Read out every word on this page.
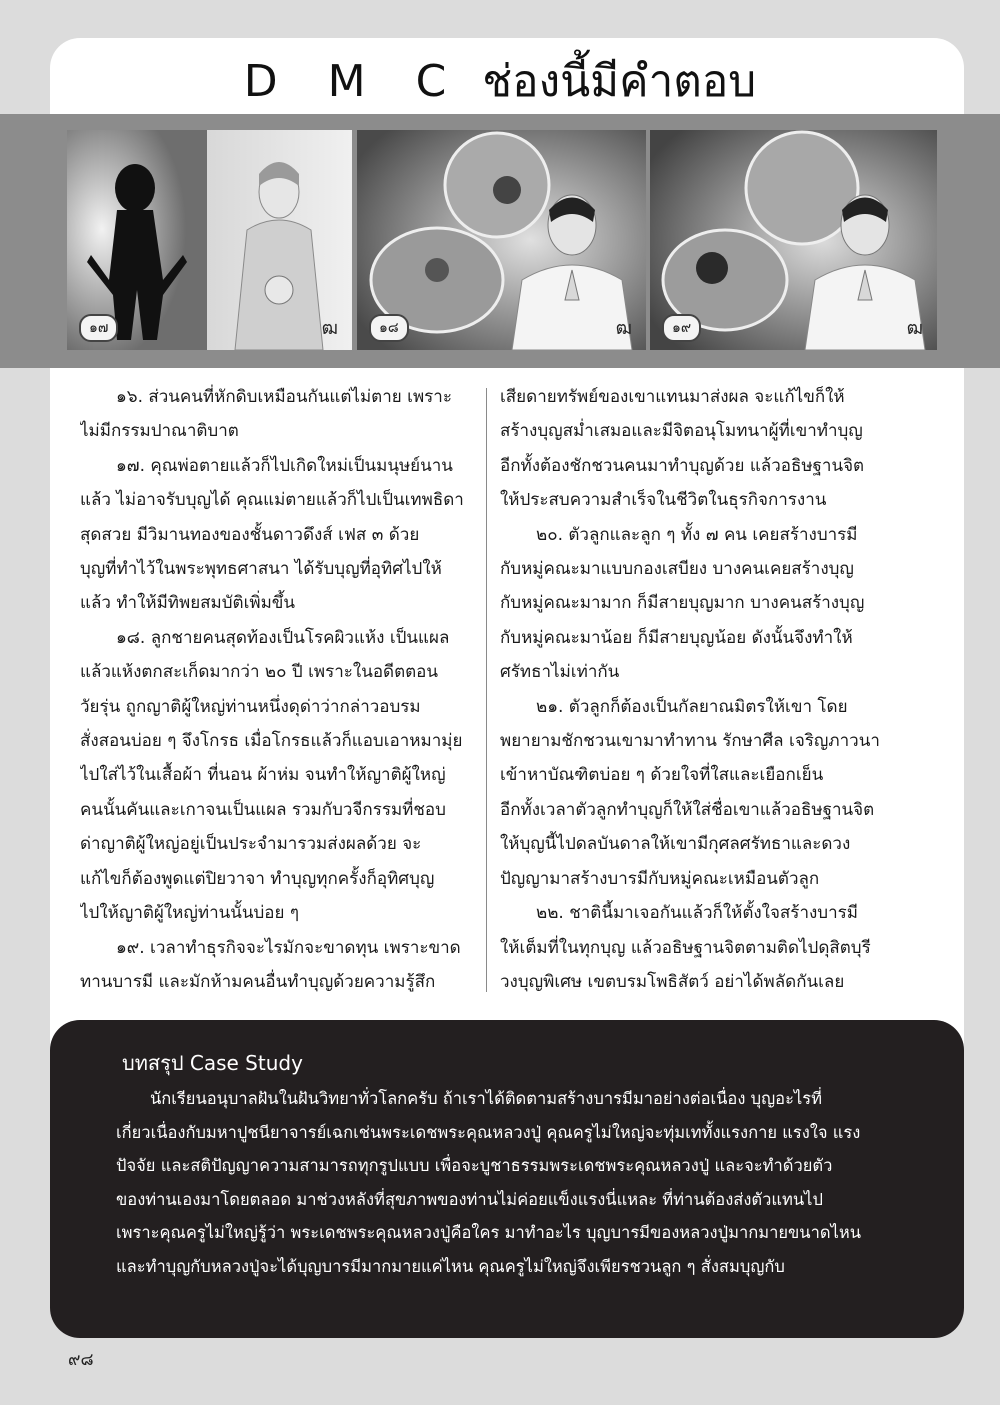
D M C ช่องนี้มีคำตอบ
๑๗	ฒ	๑๘	ฒ	๑๙	ฒ

๑๖. ส่วนคนที่หักดิบเหมือนกันแต่ไม่ตาย เพราะ

ไม่มีกรรมปาณาติบาต

๑๗. คุณพ่อตายแล้วก็ไปเกิดใหม่เป็นมนุษย์นาน

แล้ว ไม่อาจรับบุญได้ คุณแม่ตายแล้วก็ไปเป็นเทพธิดา

สุดสวย มีวิมานทองของชั้นดาวดึงส์ เฟส ๓ ด้วย

บุญที่ทำไว้ในพระพุทธศาสนา ได้รับบุญที่อุทิศไปให้

แล้ว ทำให้มีทิพยสมบัติเพิ่มขึ้น

๑๘. ลูกชายคนสุดท้องเป็นโรคผิวแห้ง เป็นแผล

แล้วแห้งตกสะเก็ดมากว่า ๒๐ ปี เพราะในอดีตตอน

วัยรุ่น ถูกญาติผู้ใหญ่ท่านหนึ่งดุด่าว่ากล่าวอบรม

สั่งสอนบ่อย ๆ จึงโกรธ เมื่อโกรธแล้วก็แอบเอาหมามุ่ย

ไปใส่ไว้ในเสื้อผ้า ที่นอน ผ้าห่ม จนทำให้ญาติผู้ใหญ่

คนนั้นคันและเกาจนเป็นแผล รวมกับวจีกรรมที่ชอบ

ด่าญาติผู้ใหญ่อยู่เป็นประจำมารวมส่งผลด้วย จะ

แก้ไขก็ต้องพูดแต่ปิยวาจา ทำบุญทุกครั้งก็อุทิศบุญ

ไปให้ญาติผู้ใหญ่ท่านนั้นบ่อย ๆ

๑๙. เวลาทำธุรกิจจะไรมักจะขาดทุน เพราะขาด

ทานบารมี และมักห้ามคนอื่นทำบุญด้วยความรู้สึก

เสียดายทรัพย์ของเขาแทนมาส่งผล จะแก้ไขก็ให้

สร้างบุญสม่ำเสมอและมีจิตอนุโมทนาผู้ที่เขาทำบุญ

อีกทั้งต้องชักชวนคนมาทำบุญด้วย แล้วอธิษฐานจิต

ให้ประสบความสำเร็จในชีวิตในธุรกิจการงาน

๒๐. ตัวลูกและลูก ๆ ทั้ง ๗ คน เคยสร้างบารมี

กับหมู่คณะมาแบบกองเสบียง บางคนเคยสร้างบุญ

กับหมู่คณะมามาก ก็มีสายบุญมาก บางคนสร้างบุญ

กับหมู่คณะมาน้อย ก็มีสายบุญน้อย ดังนั้นจึงทำให้

ศรัทธาไม่เท่ากัน

๒๑. ตัวลูกก็ต้องเป็นกัลยาณมิตรให้เขา โดย

พยายามชักชวนเขามาทำทาน รักษาศีล เจริญภาวนา

เข้าหาบัณฑิตบ่อย ๆ ด้วยใจที่ใสและเยือกเย็น

อีกทั้งเวลาตัวลูกทำบุญก็ให้ใส่ชื่อเขาแล้วอธิษฐานจิต

ให้บุญนี้ไปดลบันดาลให้เขามีกุศลศรัทธาและดวง

ปัญญามาสร้างบารมีกับหมู่คณะเหมือนตัวลูก

๒๒. ชาตินี้มาเจอกันแล้วก็ให้ตั้งใจสร้างบารมี

ให้เต็มที่ในทุกบุญ แล้วอธิษฐานจิตตามติดไปดุสิตบุรี

วงบุญพิเศษ เขตบรมโพธิสัตว์ อย่าได้พลัดกันเลย

บทสรุป Case Study

นักเรียนอนุบาลฝันในฝันวิทยาทั่วโลกครับ ถ้าเราได้ติดตามสร้างบารมีมาอย่างต่อเนื่อง บุญอะไรที่

เกี่ยวเนื่องกับมหาปูชนียาจารย์เฉกเช่นพระเดชพระคุณหลวงปู่ คุณครูไม่ใหญ่จะทุ่มเททั้งแรงกาย แรงใจ แรง

ปัจจัย และสติปัญญาความสามารถทุกรูปแบบ เพื่อจะบูชาธรรมพระเดชพระคุณหลวงปู่ และจะทำด้วยตัว

ของท่านเองมาโดยตลอด มาช่วงหลังที่สุขภาพของท่านไม่ค่อยแข็งแรงนี่แหละ ที่ท่านต้องส่งตัวแทนไป

เพราะคุณครูไม่ใหญ่รู้ว่า พระเดชพระคุณหลวงปู่คือใคร มาทำอะไร บุญบารมีของหลวงปู่มากมายขนาดไหน

และทำบุญกับหลวงปู่จะได้บุญบารมีมากมายแค่ไหน คุณครูไม่ใหญ่จึงเพียรชวนลูก ๆ สั่งสมบุญกับ

๙๘
